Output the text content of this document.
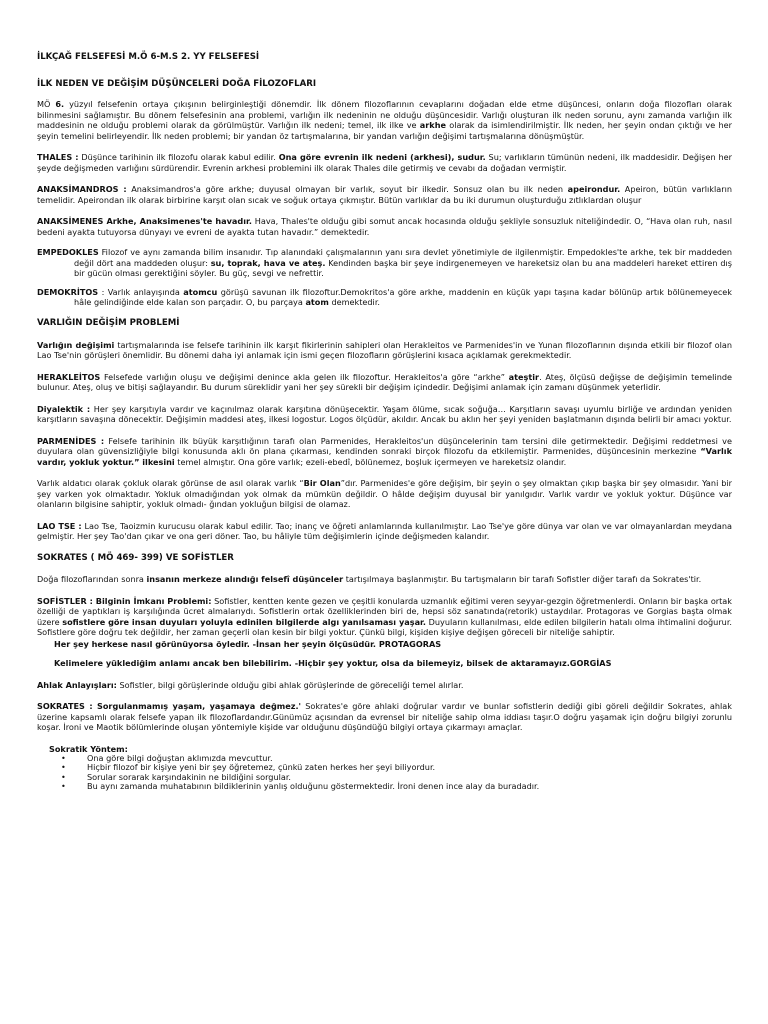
İLKÇAĞ FELSEFESİ M.Ö 6-M.S 2. YY FELSEFESİ
İLK NEDEN VE DEĞİŞİM DÜŞÜNCELERİ DOĞA FİLOZOFLARI
MÖ 6. yüzyıl felsefenin ortaya çıkışının belirginleştiği dönemdir. İlk dönem filozoflarının cevaplarını doğadan elde etme düşüncesi, onların doğa filozofları olarak bilinmesini sağlamıştır. Bu dönem felsefesinin ana problemi, varlığın ilk nedeninin ne olduğu düşüncesidir. Varlığı oluşturan ilk neden sorunu, aynı zamanda varlığın ilk maddesinin ne olduğu problemi olarak da görülmüştür. Varlığın ilk nedeni; temel, ilk ilke ve arkhe olarak da isimlendirilmiştir. İlk neden, her şeyin ondan çıktığı ve her şeyin temelini belirleyendir. İlk neden problemi; bir yandan öz tartışmalarına, bir yandan varlığın değişimi tartışmalarına dönüşmüştür.
THALES : Düşünce tarihinin ilk filozofu olarak kabul edilir. Ona göre evrenin ilk nedeni (arkhesi), sudur. Su; varlıkların tümünün nedeni, ilk maddesidir. Değişen her şeyde değişmeden varlığını sürdürendir. Evrenin arkhesi problemini ilk olarak Thales dile getirmiş ve cevabı da doğadan vermiştir.
ANAKSİMANDROS : Anaksimandros'a göre arkhe; duyusal olmayan bir varlık, soyut bir ilkedir. Sonsuz olan bu ilk neden apeirondur. Apeiron, bütün varlıkların temelidir. Apeirondan ilk olarak birbirine karşıt olan sıcak ve soğuk ortaya çıkmıştır. Bütün varlıklar da bu iki durumun oluşturduğu zıtlıklardan oluşur
ANAKSİMENES Arkhe, Anaksimenes'te havadır. Hava, Thales'te olduğu gibi somut ancak hocasında olduğu şekliyle sonsuzluk niteliğindedir. O, “Hava olan ruh, nasıl bedeni ayakta tutuyorsa dünyayı ve evreni de ayakta tutan havadır.” demektedir.
EMPEDOKLES Filozof ve aynı zamanda bilim insanıdır. Tıp alanındaki çalışmalarının yanı sıra devlet yönetimiyle de ilgilenmiştir. Empedokles'te arkhe, tek bir maddeden değil dört ana maddeden oluşur: su, toprak, hava ve ateş. Kendinden başka bir şeye indirgenemeyen ve hareketsiz olan bu ana maddeleri hareket ettiren dış bir gücün olması gerektiğini söyler. Bu güç, sevgi ve nefrettir.
DEMOKRİTOS : Varlık anlayışında atomcu görüşü savunan ilk filozoftur.Demokritos'a göre arkhe, maddenin en küçük yapı taşına kadar bölünüp artık bölünemeyecek hâle gelindiğinde elde kalan son parçadır. O, bu parçaya atom demektedir.
VARLIĞIN DEĞİŞİM PROBLEMİ
Varlığın değişimi tartışmalarında ise felsefe tarihinin ilk karşıt fikirlerinin sahipleri olan Herakleitos ve Parmenides'in ve Yunan filozoflarının dışında etkili bir filozof olan Lao Tse'nin görüşleri önemlidir. Bu dönemi daha iyi anlamak için ismi geçen filozofların görüşlerini kısaca açıklamak gerekmektedir.
HERAKLEİTOS Felsefede varlığın oluşu ve değişimi denince akla gelen ilk filozoftur. Herakleitos'a göre “arkhe” ateştir. Ateş, ölçüsü değişse de değişimin temelinde bulunur. Ateş, oluş ve bitişi sağlayandır. Bu durum süreklidir yani her şey sürekli bir değişim içindedir. Değişimi anlamak için zamanı düşünmek yeterlidir.
Diyalektik : Her şey karşıtıyla vardır ve kaçınılmaz olarak karşıtına dönüşecektir. Yaşam ölüme, sıcak soğuğa… Karşıtların savaşı uyumlu birliğe ve ardından yeniden karşıtların savaşına dönecektir. Değişimin maddesi ateş, ilkesi logostur. Logos ölçüdür, akıldır. Ancak bu aklın her şeyi yeniden başlatmanın dışında belirli bir amacı yoktur.
PARMENİDES : Felsefe tarihinin ilk büyük karşıtlığının tarafı olan Parmenides, Herakleitos'un düşüncelerinin tam tersini dile getirmektedir. Değişimi reddetmesi ve duyulara olan güvensizliğiyle bilgi konusunda aklı ön plana çıkarması, kendinden sonraki birçok filozofu da etkilemiştir. Parmenides, düşüncesinin merkezine “Varlık vardır, yokluk yoktur.” ilkesini temel almıştır. Ona göre varlık; ezeli-ebedî, bölünemez, boşluk içermeyen ve hareketsiz olandır.
Varlık aldatıcı olarak çokluk olarak görünse de asıl olarak varlık “Bir Olan”dır. Parmenides'e göre değişim, bir şeyin o şey olmaktan çıkıp başka bir şey olmasıdır. Yani bir şey varken yok olmaktadır. Yokluk olmadığından yok olmak da mümkün değildir. O hâlde değişim duyusal bir yanılgıdır. Varlık vardır ve yokluk yoktur. Düşünce var olanların bilgisine sahiptir, yokluk olmadı- ğından yokluğun bilgisi de olamaz.
LAO TSE : Lao Tse, Taoizmin kurucusu olarak kabul edilir. Tao; inanç ve öğreti anlamlarında kullanılmıştır. Lao Tse'ye göre dünya var olan ve var olmayanlardan meydana gelmiştir. Her şey Tao'dan çıkar ve ona geri döner. Tao, bu hâliyle tüm değişimlerin içinde değişmeden kalandır.
SOKRATES ( MÖ 469- 399) VE SOFİSTLER
Doğa filozoflarından sonra insanın merkeze alındığı felsefî düşünceler tartışılmaya başlanmıştır. Bu tartışmaların bir tarafı Sofistler diğer tarafı da Sokrates'tir.
SOFİSTLER : Bilginin İmkanı Problemi: Sofistler, kentten kente gezen ve çeşitli konularda uzmanlık eğitimi veren seyyar-gezgin öğretmenlerdi. Onların bir başka ortak özelliği de yaptıkları iş karşılığında ücret almalarıydı. Sofistlerin ortak özelliklerinden biri de, hepsi söz sanatında(retorik) ustaydılar. Protagoras ve Gorgias başta olmak üzere sofistlere göre insan duyuları yoluyla edinilen bilgilerde algı yanılsaması yaşar. Duyuların kullanılması, elde edilen bilgilerin hatalı olma ihtimalini doğurur. Sofistlere göre doğru tek değildir, her zaman geçerli olan kesin bir bilgi yoktur. Çünkü bilgi, kişiden kişiye değişen göreceli bir niteliğe sahiptir.
Her şey herkese nasıl görünüyorsa öyledir. -İnsan her şeyin ölçüsüdür. PROTAGORAS
Kelimelere yüklediğim anlamı ancak ben bilebilirim. -Hiçbir şey yoktur, olsa da bilemeyiz, bilsek de aktaramayız.GORGİAS
Ahlak Anlayışları: Sofistler, bilgi görüşlerinde olduğu gibi ahlak görüşlerinde de göreceliği temel alırlar.
SOKRATES : Sorgulanmamış yaşam, yaşamaya değmez.' Sokrates'e göre ahlaki doğrular vardır ve bunlar sofistlerin dediği gibi göreli değildir Sokrates, ahlak üzerine kapsamlı olarak felsefe yapan ilk filozoflardandır.Günümüz açısından da evrensel bir niteliğe sahip olma iddiası taşır.O doğru yaşamak için doğru bilgiyi zorunlu koşar. İroni ve Maotik bölümlerinde oluşan yöntemiyle kişide var olduğunu düşündüğü bilgiyi ortaya çıkarmayı amaçlar.
Sokratik Yöntem:
•	Ona göre bilgi doğuştan aklımızda mevcuttur.
•	Hiçbir filozof bir kişiye yeni bir şey öğretemez, çünkü zaten herkes her şeyi biliyordur.
•	Sorular sorarak karşındakinin ne bildiğini sorgular.
•	Bu aynı zamanda muhatabının bildiklerinin yanlış olduğunu göstermektedir. İroni denen ince alay da buradadır.
